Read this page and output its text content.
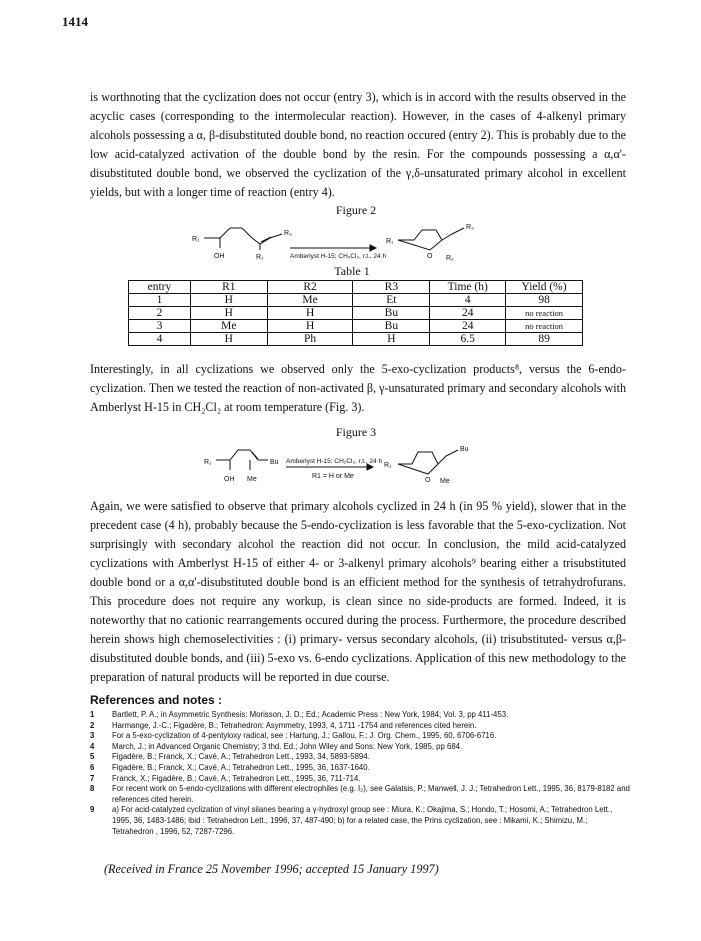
1414

is worthnoting that the cyclization does not occur (entry 3), which is in accord with the results observed in the acyclic cases (corresponding to the intermolecular reaction). However, in the cases of 4-alkenyl primary alcohols possessing a α, β-disubstituted double bond, no reaction occured (entry 2). This is probably due to the low acid-catalyzed activation of the double bond by the resin. For the compounds possessing a α,α'-disubstituted double bond, we observed the cyclization of the γ,δ-unsaturated primary alcohol in excellent yields, but with a longer time of reaction (entry 4).

Figure 2
R₁
R₃
OH	R₂	Amberlyst H-15; CH₂Cl₂, r.t., 24 h
R₁
O R₂
R₃
Table 1
entry	R1	R2	R3	Time (h)	Yield (%)
1	H	Me	Et	4	98
2	H	H	Bu	24	no reaction
3	Me	H	Bu	24	no reaction
4	H	Ph	H	6.5	89

Interestingly, in all cyclizations we observed only the 5-exo-cyclization products⁸, versus the 6-endo-cyclization. Then we tested the reaction of non-activated β, γ-unsaturated primary and secondary alcohols with Amberlyst H-15 in CH₂Cl₂ at room temperature (Fig. 3).

Figure 3
R₁	Bu
OH Me
Amberlyst H-15; CH₂Cl₂, r.t., 24 h
R1 = H or Me
R₁
O Me
Bu

Again, we were satisfied to observe that primary alcohols cyclized in 24 h (in 95 % yield), slower that in the precedent case (4 h), probably because the 5-endo-cyclization is less favorable that the 5-exo-cyclization. Not surprisingly with secondary alcohol the reaction did not occur. In conclusion, the mild acid-catalyzed cyclizations with Amberlyst H-15 of either 4- or 3-alkenyl primary alcohols⁹ bearing either a trisubstituted double bond or a α,α'-disubstituted double bond is an efficient method for the synthesis of tetrahydrofurans. This procedure does not require any workup, is clean since no side-products are formed. Indeed, it is noteworthy that no cationic rearrangements occured during the process. Furthermore, the procedure described herein shows high chemoselectivities : (i) primary- versus secondary alcohols, (ii) trisubstituted- versus α,β-disubstituted double bonds, and (iii) 5-exo vs. 6-endo cyclizations. Application of this new methodology to the preparation of natural products will be reported in due course.

References and notes :
1	Bartlett, P. A.; in Asymmetric Synthesis: Morisson, J. D.; Ed.; Academic Press : New York, 1984; Vol. 3, pp 411-453.
2	Harmange, J.-C.; Figadère, B.; Tetrahedron: Asymmetry, 1993, 4, 1711 -1754 and references cited herein.
3	For a 5-exo-cyclization of 4-pentyloxy radical, see : Hartung, J.; Gallou, F.; J. Org. Chem., 1995, 60, 6706-6716.
4	March, J.; in Advanced Organic Chemistry; 3 thd. Ed.; John Wiley and Sons: New York, 1985, pp 684.
5	Figadère, B.; Franck, X.; Cavé, A.; Tetrahedron Lett., 1993, 34, 5893-5894.
6	Figadère, B.; Franck, X.; Cavé, A.; Tetrahedron Lett., 1995, 36, 1637-1640.
7	Franck, X.; Figadère, B.; Cavé, A.; Tetrahedron Lett., 1995, 36, 711-714.
8	For recent work on 5-endo-cyclizations with different electrophiles (e.g. I₂), see Galatsis, P.; Manwell, J. J.; Tetrahedron Lett., 1995, 36, 8179-8182 and references cited herein.
9	a) For acid-catalyzed cyclization of vinyl silanes bearing a γ-hydroxyl group see : Miura, K.; Okajima, S.; Hondo, T.; Hosomi, A.; Tetrahedron Lett., 1995, 36, 1483-1486; ibid : Tetrahedron Lett., 1996, 37, 487-490; b) for a related case, the Prins cyclization, see : Mikami, K.; Shimizu, M.; Tetrahedron , 1996, 52, 7287-7296.
(Received in France 25 November 1996; accepted 15 January 1997)
